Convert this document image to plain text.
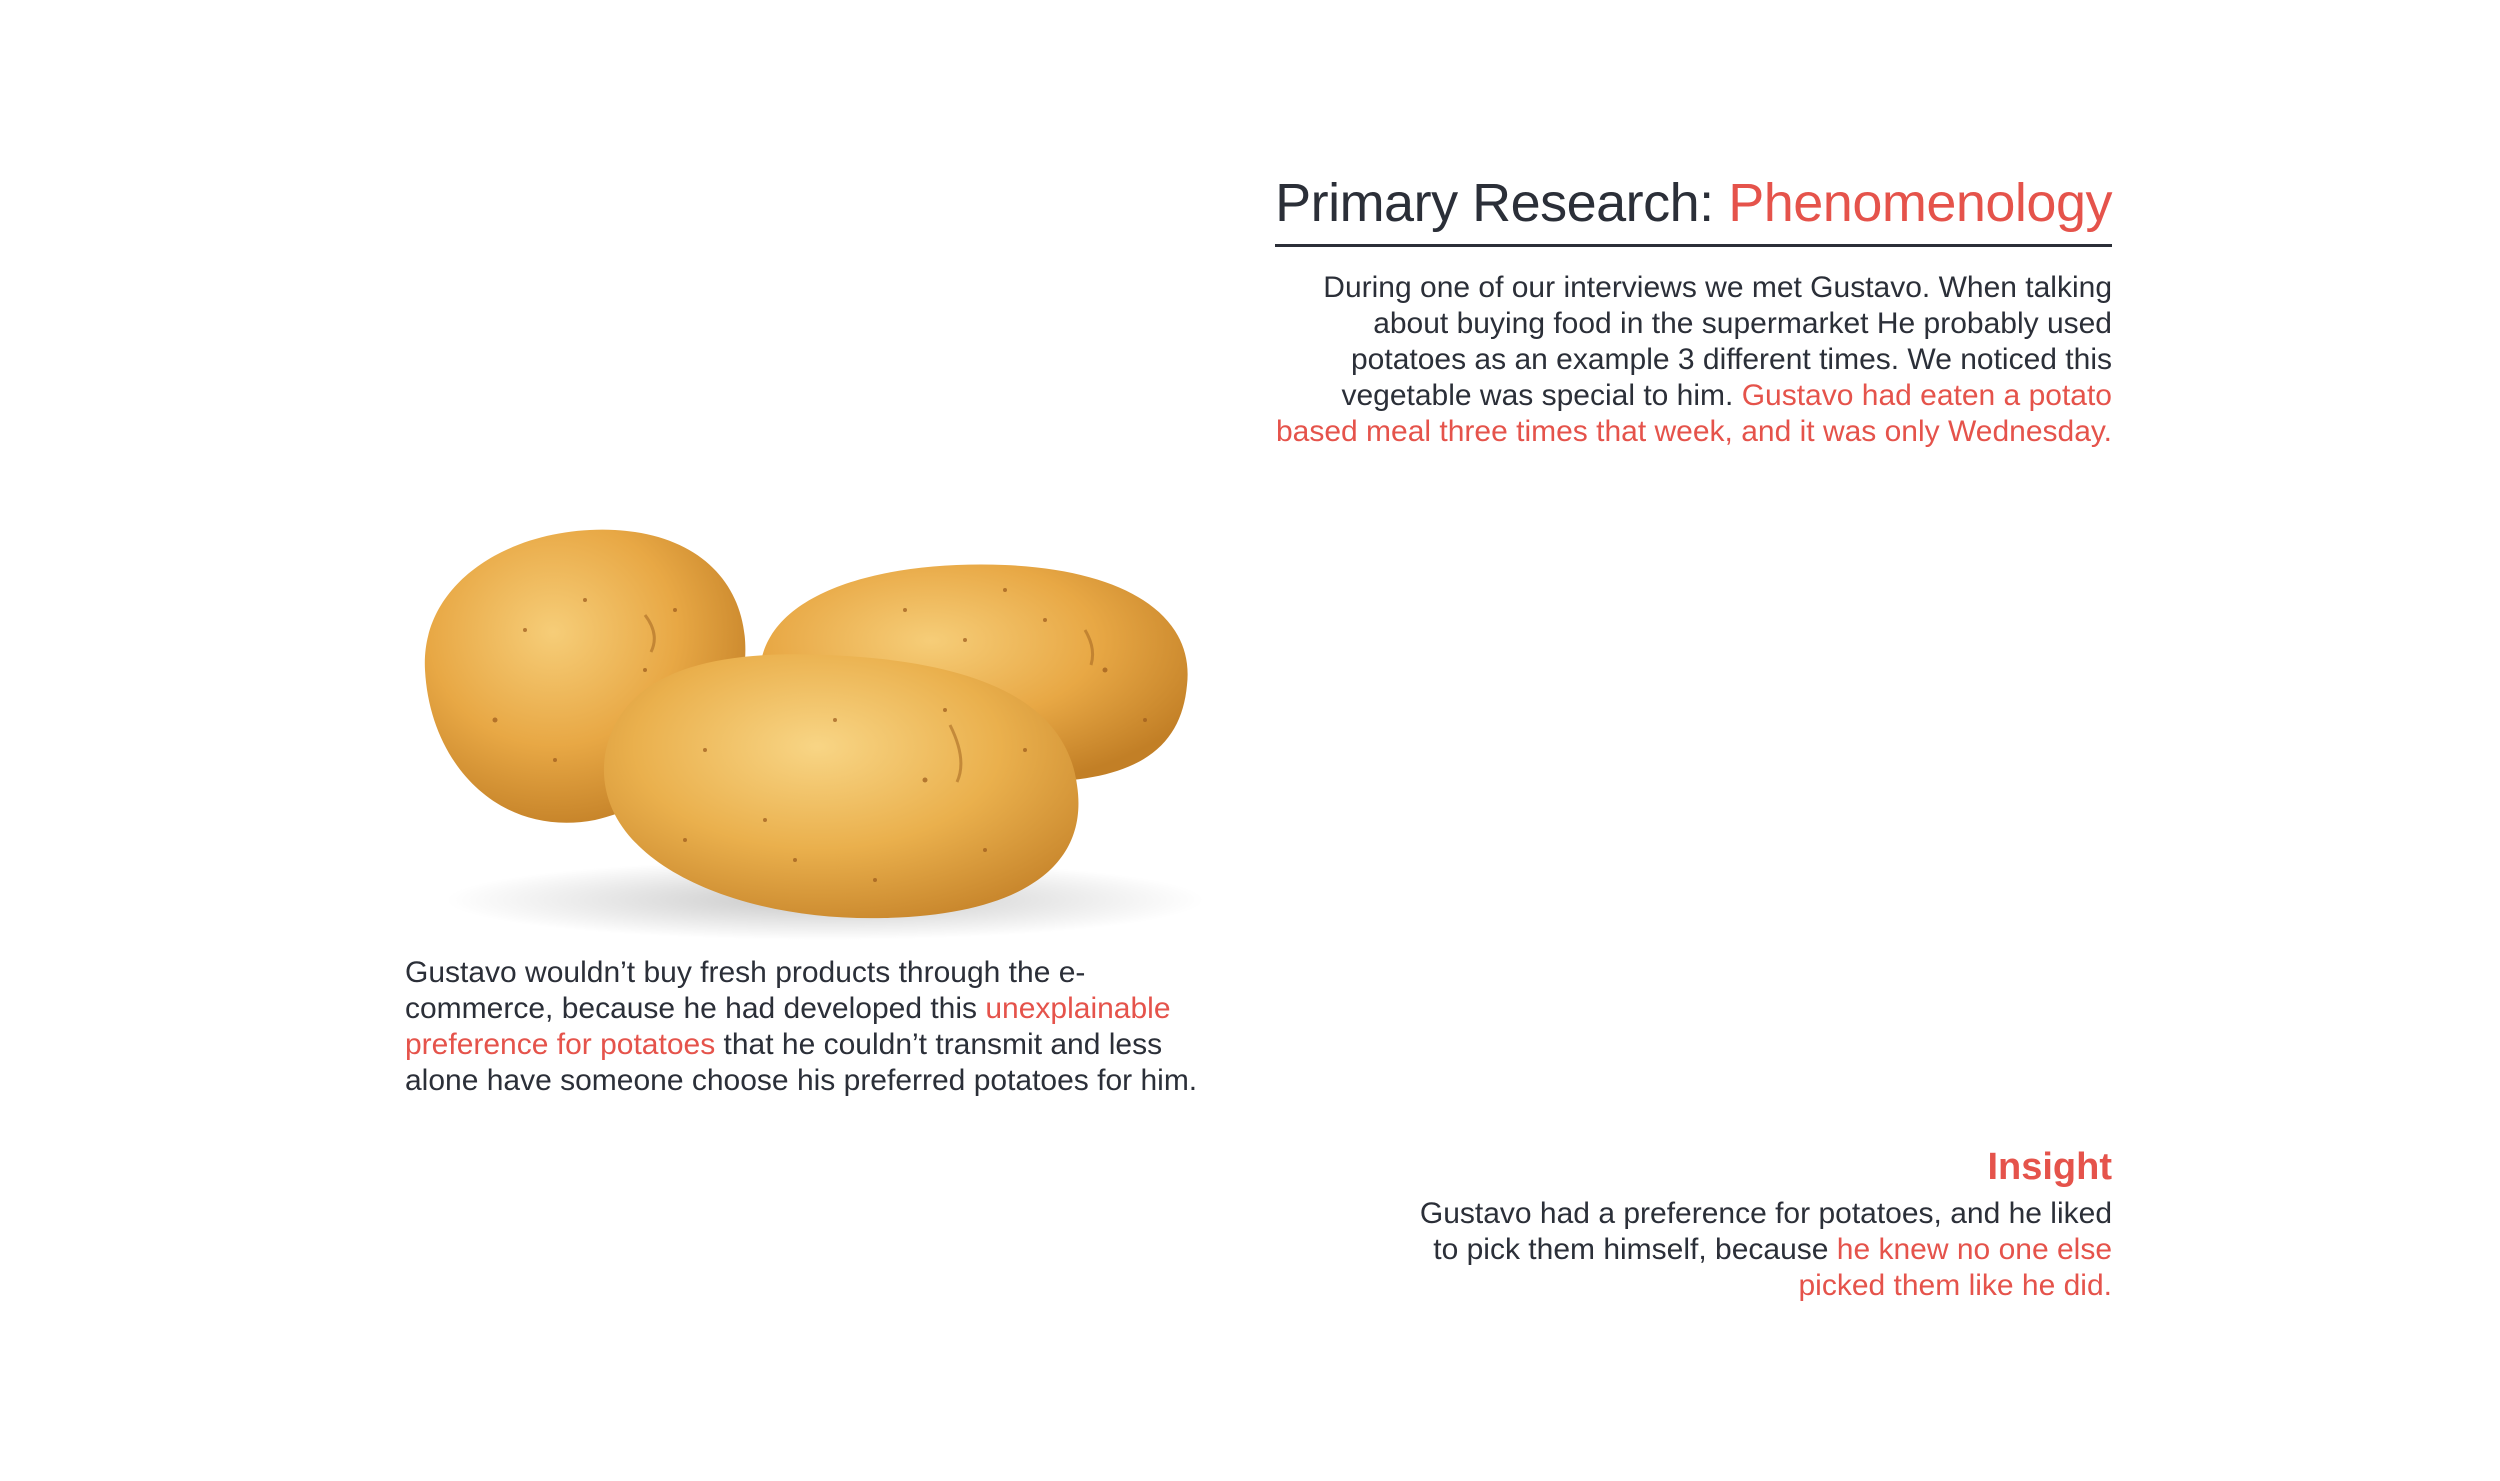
Primary Research: Phenomenology

During one of our interviews we met Gustavo. When talking about buying food in the supermarket He probably used potatoes as an example 3 different times. We noticed this vegetable was special to him. Gustavo had eaten a potato based meal three times that week, and it was only Wednesday.

Gustavo wouldn’t buy fresh products through the e-commerce, because he had developed this unexplainable preference for potatoes that he couldn’t transmit and less alone have someone choose his preferred potatoes for him.

Insight

Gustavo had a preference for potatoes, and he liked to pick them himself, because he knew no one else picked them like he did.
